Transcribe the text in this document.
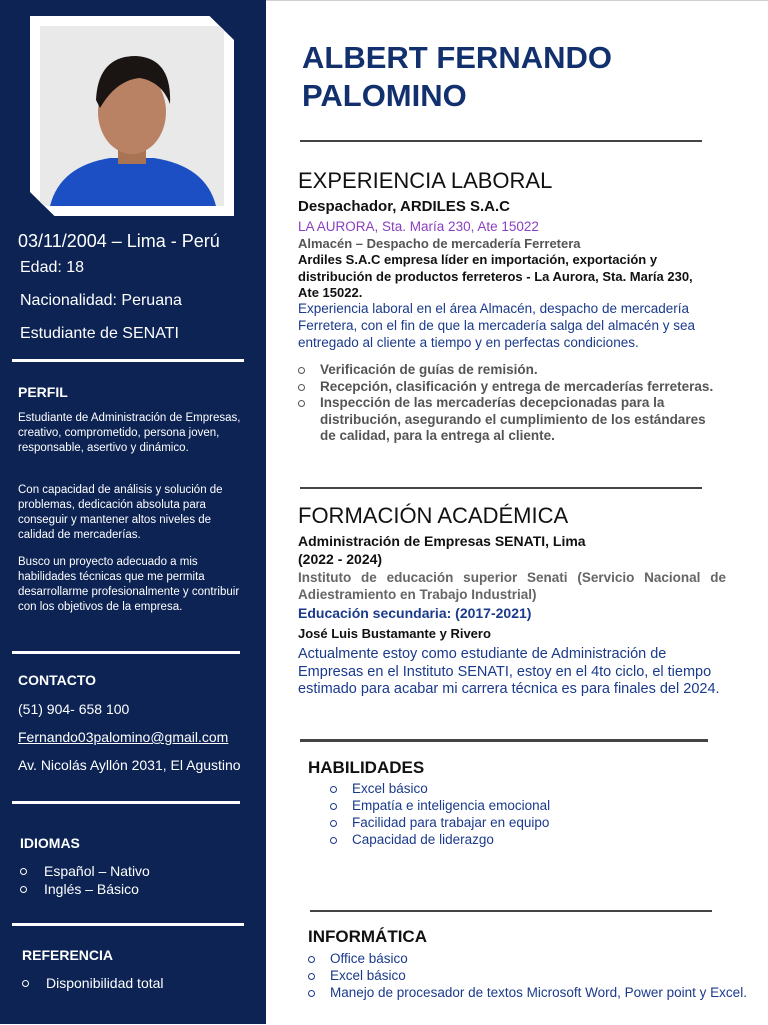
03/11/2004 – Lima - Perú
Edad: 18
Nacionalidad: Peruana
Estudiante de SENATI
PERFIL

Estudiante de Administración de Empresas, creativo, comprometido, persona joven, responsable, asertivo y dinámico.

Con capacidad de análisis y solución de problemas, dedicación absoluta para conseguir y mantener altos niveles de calidad de mercaderías.

Busco un proyecto adecuado a mis habilidades técnicas que me permita desarrollarme profesionalmente y contribuir con los objetivos de la empresa.

CONTACTO
(51) 904- 658 100
Fernando03palomino@gmail.com
Av. Nicolás Ayllón 2031, El Agustino
IDIOMAS
Español – Nativo
Inglés – Básico
REFERENCIA
Disponibilidad total
ALBERT FERNANDO PALOMINO
EXPERIENCIA LABORAL

Despachador, ARDILES S.A.C

LA AURORA, Sta. María 230, Ate 15022

Almacén – Despacho de mercadería Ferretera

Ardiles S.A.C empresa líder en importación, exportación y distribución de productos ferreteros - La Aurora, Sta. María 230, Ate 15022.

Experiencia laboral en el área Almacén, despacho de mercadería Ferretera, con el fin de que la mercadería salga del almacén y sea entregado al cliente a tiempo y en perfectas condiciones.

Verificación de guías de remisión.
Recepción, clasificación y entrega de mercaderías ferreteras.
Inspección de las mercaderías decepcionadas para la distribución, asegurando el cumplimiento de los estándares de calidad, para la entrega al cliente.
FORMACIÓN ACADÉMICA

Administración de Empresas SENATI, Lima

(2022 - 2024)

Instituto de educación superior Senati (Servicio Nacional de Adiestramiento en Trabajo Industrial)

Educación secundaria: (2017-2021)

José Luis Bustamante y Rivero

Actualmente estoy como estudiante de Administración de Empresas en el Instituto SENATI, estoy en el 4to ciclo, el tiempo estimado para acabar mi carrera técnica es para finales del 2024.

HABILIDADES
Excel básico
Empatía e inteligencia emocional
Facilidad para trabajar en equipo
Capacidad de liderazgo
INFORMÁTICA
Office básico
Excel básico
Manejo de procesador de textos Microsoft Word, Power point y Excel.
